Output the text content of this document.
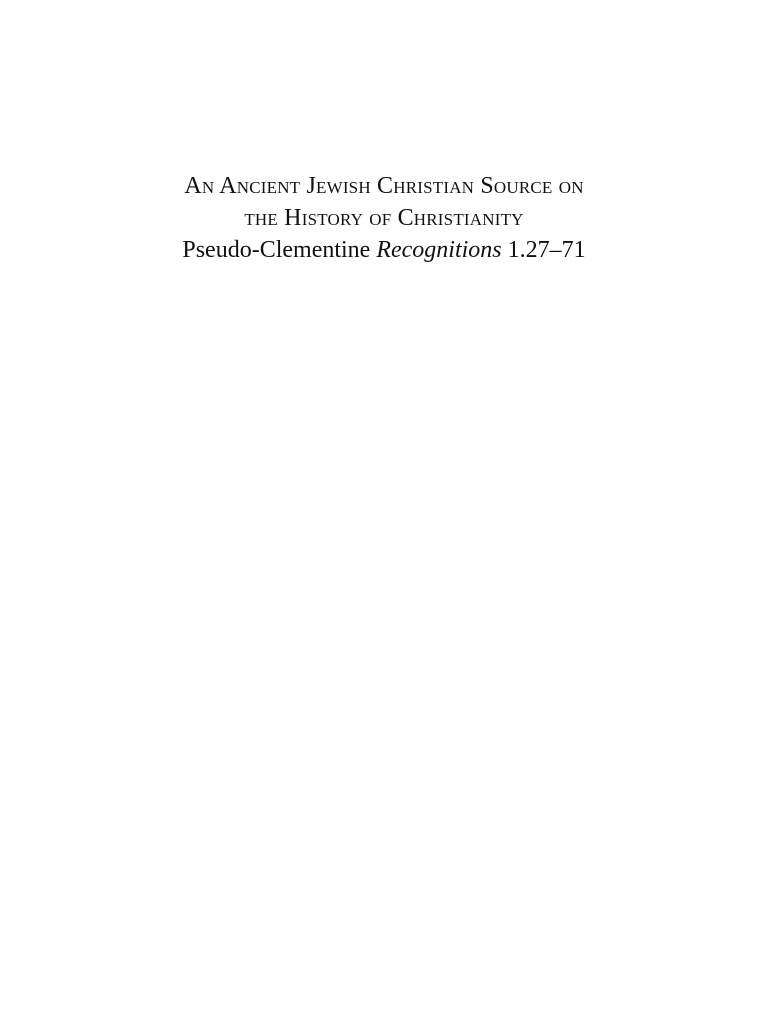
An Ancient Jewish Christian Source on
the History of Christianity
Pseudo-Clementine Recognitions 1.27–71
